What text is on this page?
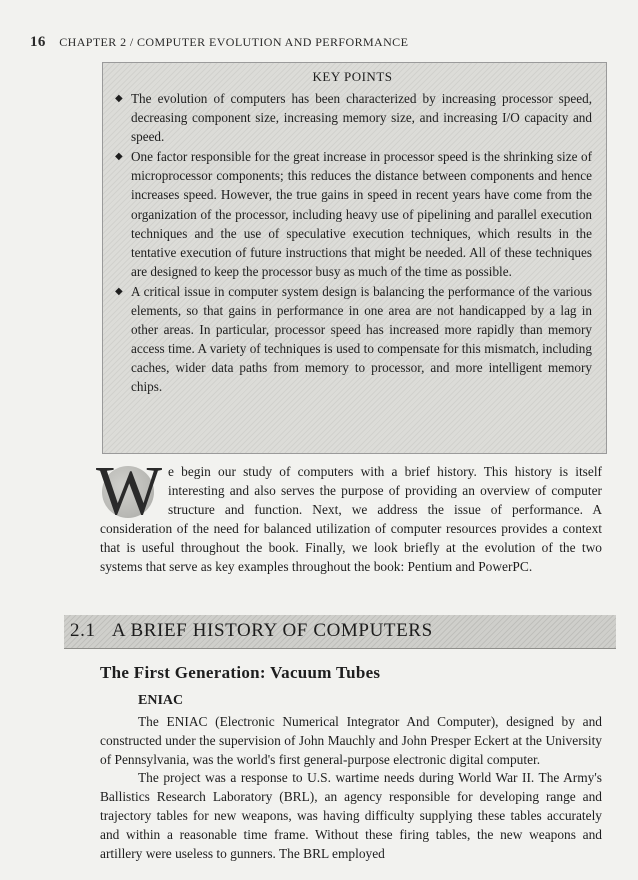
16 CHAPTER 2 / COMPUTER EVOLUTION AND PERFORMANCE
KEY POINTS
◆ The evolution of computers has been characterized by increasing processor speed, decreasing component size, increasing memory size, and increasing I/O capacity and speed.
◆ One factor responsible for the great increase in processor speed is the shrinking size of microprocessor components; this reduces the distance between components and hence increases speed. However, the true gains in speed in recent years have come from the organization of the processor, including heavy use of pipelining and parallel execution techniques and the use of speculative execution techniques, which results in the tentative execution of future instructions that might be needed. All of these techniques are designed to keep the processor busy as much of the time as possible.
◆ A critical issue in computer system design is balancing the performance of the various elements, so that gains in performance in one area are not handicapped by a lag in other areas. In particular, processor speed has increased more rapidly than memory access time. A variety of techniques is used to compensate for this mismatch, including caches, wider data paths from memory to processor, and more intelligent memory chips.
W e begin our study of computers with a brief history. This history is itself interesting and also serves the purpose of providing an overview of computer structure and function. Next, we address the issue of performance. A consideration of the need for balanced utilization of computer resources provides a context that is useful throughout the book. Finally, we look briefly at the evolution of the two systems that serve as key examples throughout the book: Pentium and PowerPC.
2.1 A BRIEF HISTORY OF COMPUTERS
The First Generation: Vacuum Tubes
ENIAC

The ENIAC (Electronic Numerical Integrator And Computer), designed by and constructed under the supervision of John Mauchly and John Presper Eckert at the University of Pennsylvania, was the world's first general-purpose electronic digital computer.

The project was a response to U.S. wartime needs during World War II. The Army's Ballistics Research Laboratory (BRL), an agency responsible for developing range and trajectory tables for new weapons, was having difficulty supplying these tables accurately and within a reasonable time frame. Without these firing tables, the new weapons and artillery were useless to gunners. The BRL employed
